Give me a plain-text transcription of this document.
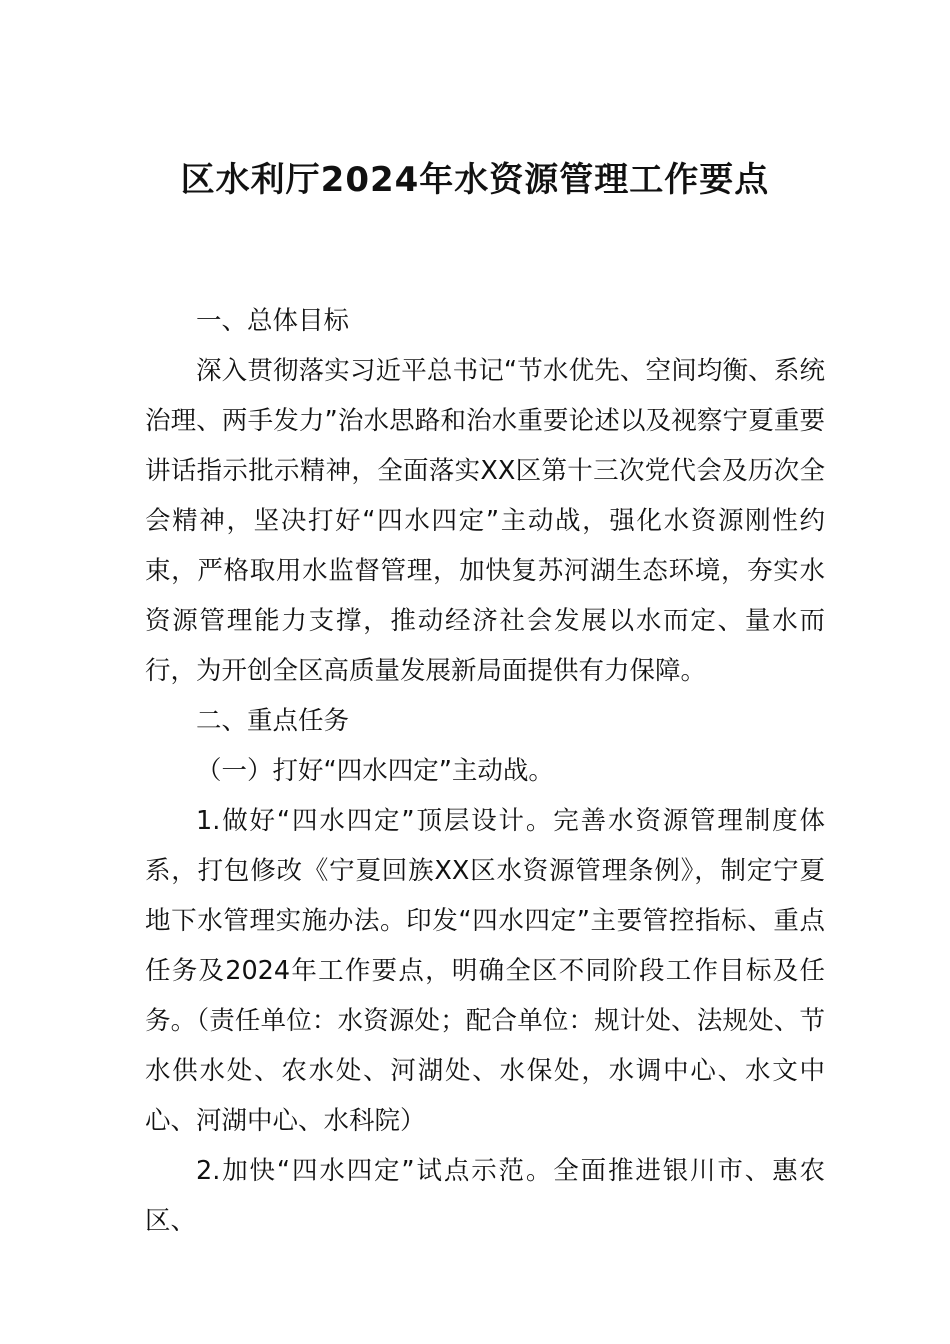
区水利厅2024年水资源管理工作要点

一、总体目标

深入贯彻落实习近平总书记“节水优先、空间均衡、系统治理、两手发力”治水思路和治水重要论述以及视察宁夏重要讲话指示批示精神，全面落实XX区第十三次党代会及历次全会精神，坚决打好“四水四定”主动战，强化水资源刚性约束，严格取用水监督管理，加快复苏河湖生态环境，夯实水资源管理能力支撑，推动经济社会发展以水而定、量水而行，为开创全区高质量发展新局面提供有力保障。

二、重点任务

（一）打好“四水四定”主动战。

1.做好“四水四定”顶层设计。完善水资源管理制度体系，打包修改《宁夏回族XX区水资源管理条例》，制定宁夏地下水管理实施办法。印发“四水四定”主要管控指标、重点任务及2024年工作要点，明确全区不同阶段工作目标及任务。（责任单位：水资源处；配合单位：规计处、法规处、节水供水处、农水处、河湖处、水保处，水调中心、水文中心、河湖中心、水科院）

2.加快“四水四定”试点示范。全面推进银川市、惠农区、
